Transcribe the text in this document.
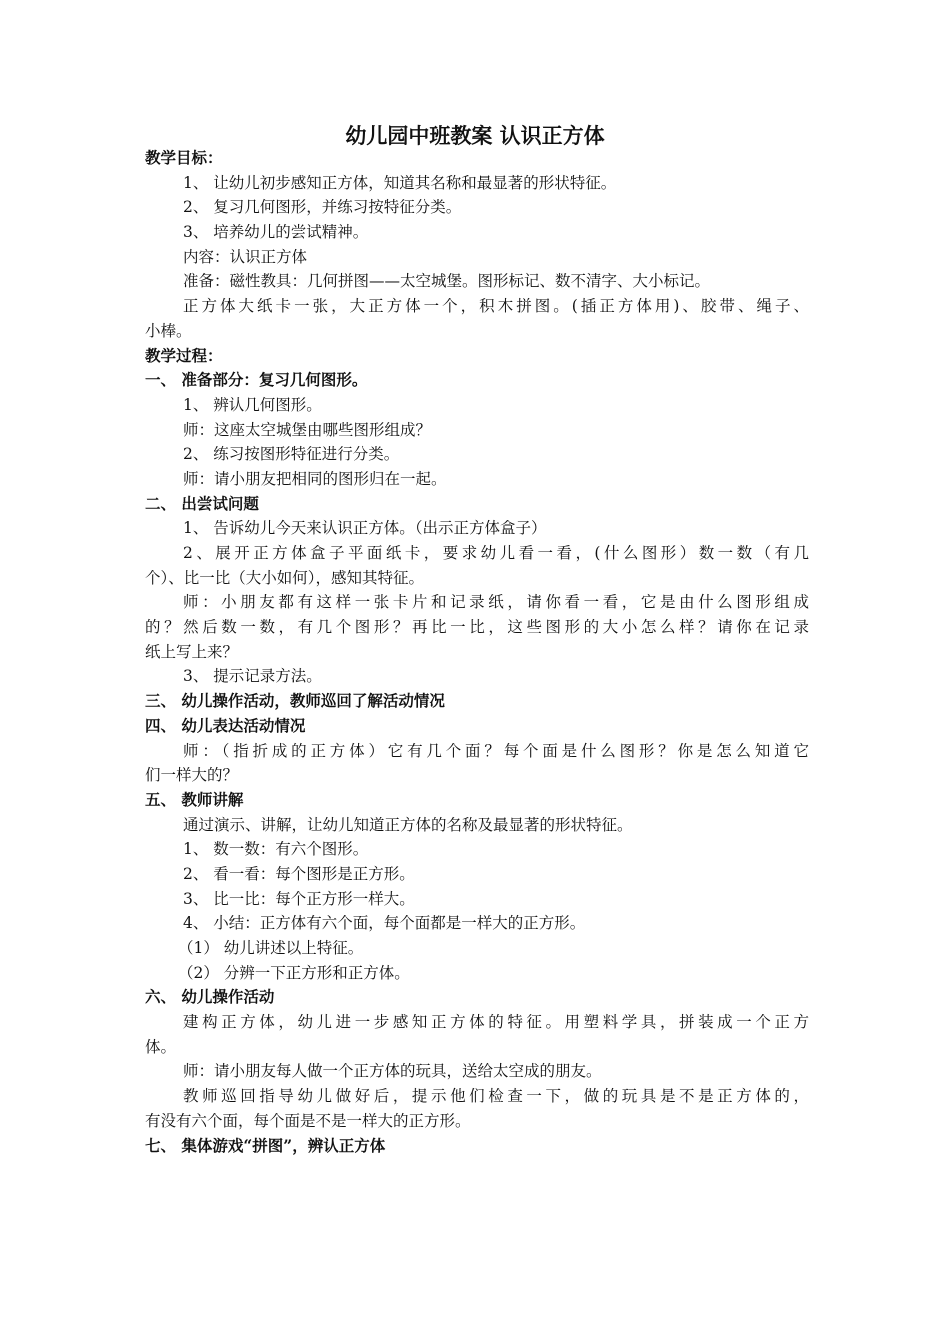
幼儿园中班教案 认识正方体
教学目标：
1、 让幼儿初步感知正方体，知道其名称和最显著的形状特征。
2、 复习几何图形，并练习按特征分类。
3、 培养幼儿的尝试精神。
内容：认识正方体
准备：磁性教具：几何拼图——太空城堡。图形标记、数不清字、大小标记。
正方体大纸卡一张，大正方体一个，积木拼图。(插正方体用)、胶带、绳子、
小棒。
教学过程：
一、 准备部分：复习几何图形。
1、 辨认几何图形。
师：这座太空城堡由哪些图形组成？
2、 练习按图形特征进行分类。
师：请小朋友把相同的图形归在一起。
二、 出尝试问题
1、 告诉幼儿今天来认识正方体。（出示正方体盒子）
2、展开正方体盒子平面纸卡，要求幼儿看一看，(什么图形）数一数（有几
个）、比一比（大小如何），感知其特征。
师：小朋友都有这样一张卡片和记录纸，请你看一看，它是由什么图形组成
的？然后数一数，有几个图形？再比一比，这些图形的大小怎么样？请你在记录
纸上写上来？
3、 提示记录方法。
三、 幼儿操作活动，教师巡回了解活动情况
四、 幼儿表达活动情况
师：（指折成的正方体）它有几个面？每个面是什么图形？你是怎么知道它
们一样大的？
五、 教师讲解
通过演示、讲解，让幼儿知道正方体的名称及最显著的形状特征。
1、 数一数：有六个图形。
2、 看一看：每个图形是正方形。
3、 比一比：每个正方形一样大。
4、 小结：正方体有六个面，每个面都是一样大的正方形。
（1） 幼儿讲述以上特征。
（2） 分辨一下正方形和正方体。
六、 幼儿操作活动
建构正方体，幼儿进一步感知正方体的特征。用塑料学具，拼装成一个正方
体。
师：请小朋友每人做一个正方体的玩具，送给太空成的朋友。
教师巡回指导幼儿做好后，提示他们检查一下，做的玩具是不是正方体的，
有没有六个面，每个面是不是一样大的正方形。
七、 集体游戏“拼图”，辨认正方体
